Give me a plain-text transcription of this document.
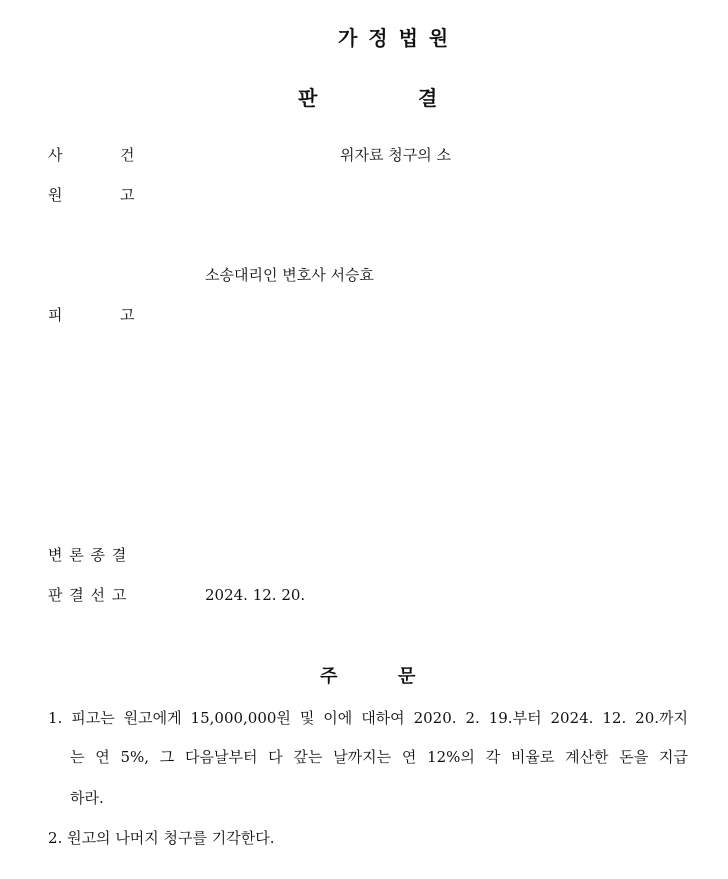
가 정 법 원
판	결
사	건	위자료 청구의 소
원	고
소송대리인 변호사 서승효
피	고
변 론 종 결
판 결 선 고	2024. 12. 20.
주	문
1. 피고는 원고에게 15,000,000원 및 이에 대하여 2020. 2. 19.부터 2024. 12. 20.까지
는 연 5%, 그 다음날부터 다 갚는 날까지는 연 12%의 각 비율로 계산한 돈을 지급
하라.
2. 원고의 나머지 청구를 기각한다.
